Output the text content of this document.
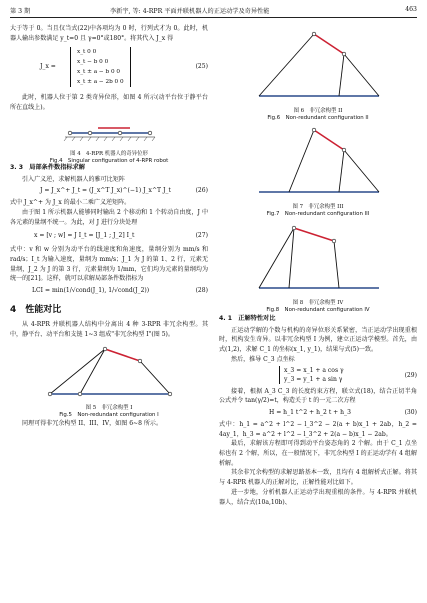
第 3 期	李新宇, 等: 4-RPR 平面并联机器人的正运动学及奇异性能	463

大于等于 0。当且仅当式(22)中各项均为 0 时，行列式才为 0。此时，机器人输出参数满足 y_t=0 且 γ=0°或180°。将其代入 J_x 得

J_x =
x_t 0 0
x_t − b 0 0
x_t ± a − b 0 0
x_t ± a − 2b 0 0
(25)

此时，机器人位于第 2 类奇异位形，如图 4 所示(动平台位于静平台所在直线上)。

图 4　4-RPR 机器人的奇异位形
Fig.4　Singular configuration of 4-RPR robot
3. 3　局部条件数指标求解

引入广义逆，求解机器人的雅可比矩阵

J = J_x^+ J_t = (J_x^T J_x)^(−1) J_x^T J_t	(26)

式中 J_x^+ 为 J_x 的最小二乘广义逆矩阵。

由于图 1 所示机器人能够同时输出 2 个移动和 1 个转动自由度，J 中各元素的量纲不统一。为此，对 J 进行分块处理

x = [v ; w] = J I_t = [J_1 ; J_2] I_t	(27)

式中：v 和 w 分别为动平台的线速度和角速度，量纲分别为 mm/s 和 rad/s；I_t 为输入速度，量纲为 mm/s；J_1 为 J 的第 1、2 行，元素无量纲，J_2 为 J 的第 3 行，元素量纲为 1/mm，它们均为元素的量纲均为统一的[21]。这样，就可以求解局部条件数指标为

LCI = min(1/√cond(J_1), 1/√cond(J_2))	(28)
4　性能对比

从 4-RPR 并联机器人结构中分离出 4 种 3-RPR 非冗余构型。其中，静平台、动平台和支链 1~3 组成"非冗余构型 I"(图 5)。

图 5　非冗余构型 I
Fig.5　Non-redundant configuration I

同理可得非冗余构型 II、III、IV，如图 6~8 所示。

图 6　非冗余构型 II
Fig.6　Non-redundant configuration II
图 7　非冗余构型 III
Fig.7　Non-redundant configuration III
图 8　非冗余构型 IV
Fig.8　Non-redundant configuration IV
4. 1　正解特性对比

正运动学解的个数与机构的奇异位形关系紧密，当正运动学出现重根时，机构发生奇异。以非冗余构型 I 为例，建立正运动学模型。首先，由式(1,2)，求解 C_1 的坐标(x_1, y_1)，结果与式(5)一致。

然后，推导 C_3 点坐标

x_3 = x_1 + a cos γ
y_3 = y_1 + a sin γ
(29)

接着，根据 A_3 C_3 的长度约束方程，联立式(18)，结合正切半角公式并令 tan(γ/2)=t，构造关于 t 的一元二次方程

H = h_1 t^2 + h_2 t + h_3	(30)

式中：h_1 = a^2 + l^2 − l_3^2 − 2(a + b)x_1 + 2ab，h_2 = 4ay_1，h_3 = a^2 + l^2 − l_3^2 + 2(a − b)x_1 − 2ab。

最后，求解该方程即可得到动平台姿态角的 2 个解。由于 C_1 点坐标也有 2 个解，所以，在一般情况下，非冗余构型 I 的正运动学有 4 组解析解。

其余非冗余构型的求解思路基本一致，且均有 4 组解析式正解。将其与 4-RPR 机器人的正解对比，正解性能对比如下。

进一步地，分析机器人正运动学出现重根的条件。与 4-RPR 并联机器人，结合式(10a,10b)、
